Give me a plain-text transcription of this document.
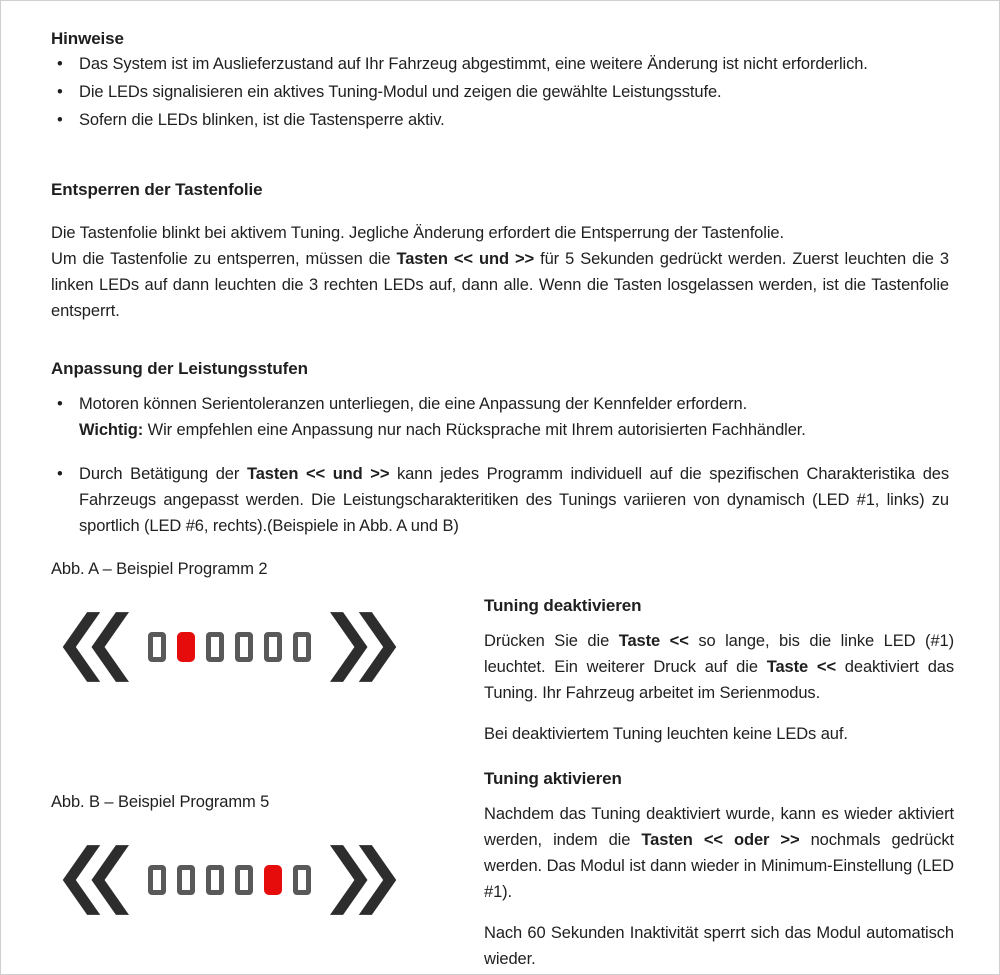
Hinweise
• Das System ist im Auslieferzustand auf Ihr Fahrzeug abgestimmt, eine weitere Änderung ist nicht erforderlich.
• Die LEDs signalisieren ein aktives Tuning-Modul und zeigen die gewählte Leistungsstufe.
• Sofern die LEDs blinken, ist die Tastensperre aktiv.
Entsperren der Tastenfolie
Die Tastenfolie blinkt bei aktivem Tuning. Jegliche Änderung erfordert die Entsperrung der Tastenfolie.
Um die Tastenfolie zu entsperren, müssen die Tasten << und >> für 5 Sekunden gedrückt werden. Zuerst leuchten die 3 linken LEDs auf dann leuchten die 3 rechten LEDs auf, dann alle. Wenn die Tasten losgelassen werden, ist die Tastenfolie entsperrt.
Anpassung der Leistungsstufen
• Motoren können Serientoleranzen unterliegen, die eine Anpassung der Kennfelder erfordern.
Wichtig: Wir empfehlen eine Anpassung nur nach Rücksprache mit Ihrem autorisierten Fachhändler.
• Durch Betätigung der Tasten << und >> kann jedes Programm individuell auf die spezifischen Charakteristika des Fahrzeugs angepasst werden. Die Leistungscharakteritiken des Tunings variieren von dynamisch (LED #1, links) zu sportlich (LED #6, rechts).(Beispiele in Abb. A und B)
Abb. A – Beispiel Programm 2
Abb. B – Beispiel Programm 5
Tuning deaktivieren

Drücken Sie die Taste << so lange, bis die linke LED (#1) leuchtet. Ein weiterer Druck auf die Taste << deaktiviert das Tuning. Ihr Fahrzeug arbeitet im Serienmodus.

Bei deaktiviertem Tuning leuchten keine LEDs auf.

Tuning aktivieren

Nachdem das Tuning deaktiviert wurde, kann es wieder aktiviert werden, indem die Tasten << oder >> nochmals gedrückt werden. Das Modul ist dann wieder in Minimum-Einstellung (LED #1).

Nach 60 Sekunden Inaktivität sperrt sich das Modul automatisch wieder.
